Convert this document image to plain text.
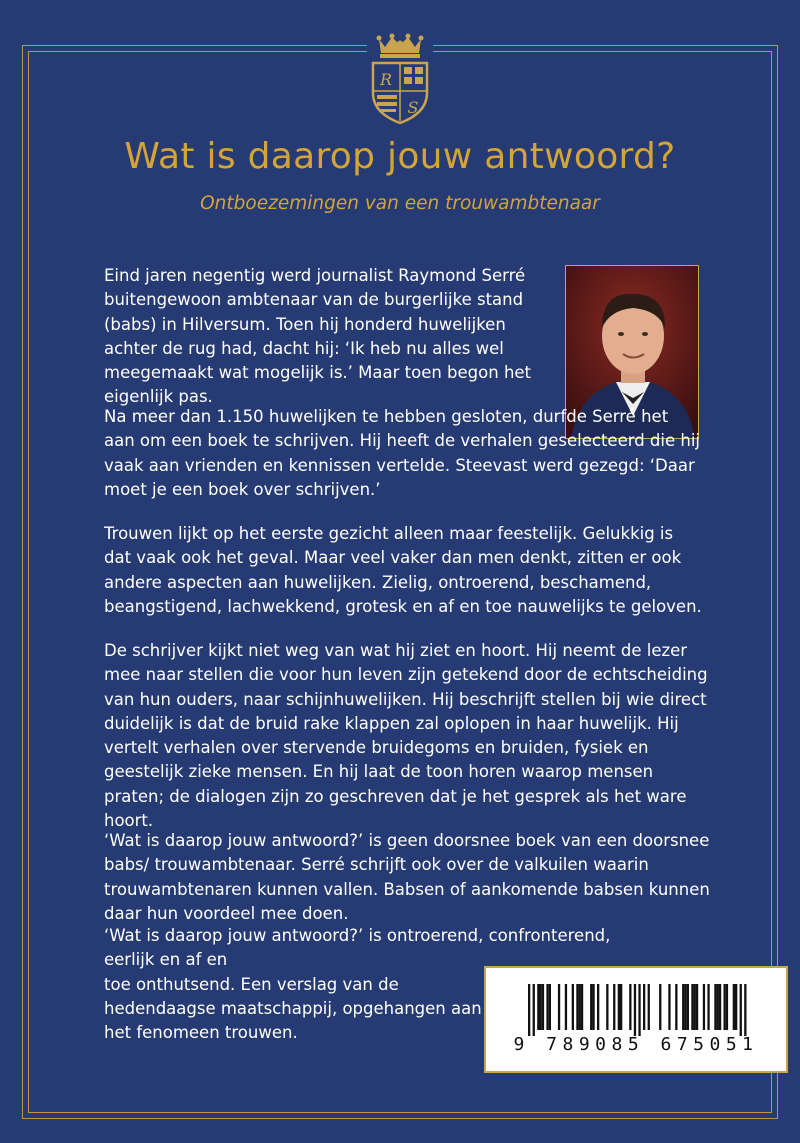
R
S
Wat is daarop jouw antwoord?
Ontboezemingen van een trouwambtenaar

Eind jaren negentig werd journalist Raymond Serré buitengewoon ambtenaar van de burgerlijke stand (babs) in Hilversum. Toen hij honderd huwelijken achter de rug had, dacht hij: ‘Ik heb nu alles wel meegemaakt wat mogelijk is.’ Maar toen begon het eigenlijk pas.

Na meer dan 1.150 huwelijken te hebben gesloten, durfde Serré het aan om een boek te schrijven. Hij heeft de verhalen geselecteerd die hij vaak aan vrienden en kennissen vertelde. Steevast werd gezegd: ‘Daar moet je een boek over schrijven.’

Trouwen lijkt op het eerste gezicht alleen maar feestelijk. Gelukkig is dat vaak ook het geval. Maar veel vaker dan men denkt, zitten er ook andere aspecten aan huwelijken. Zielig, ontroerend, beschamend, beangstigend, lachwekkend, grotesk en af en toe nauwelijks te geloven.

De schrijver kijkt niet weg van wat hij ziet en hoort. Hij neemt de lezer mee naar stellen die voor hun leven zijn getekend door de echtscheiding van hun ouders, naar schijnhuwelijken. Hij beschrijft stellen bij wie direct duidelijk is dat de bruid rake klappen zal oplopen in haar huwelijk. Hij vertelt verhalen over stervende bruidegoms en bruiden, fysiek en geestelijk zieke mensen. En hij laat de toon horen waarop mensen praten; de dialogen zijn zo geschreven dat je het gesprek als het ware hoort.

‘Wat is daarop jouw antwoord?’ is geen doorsnee boek van een doorsnee babs/ trouwambtenaar. Serré schrijft ook over de valkuilen waarin trouwambtenaren kunnen vallen. Babsen of aankomende babsen kunnen daar hun voordeel mee doen.

‘Wat is daarop jouw antwoord?’ is ontroerend, confronterend, eerlijk en af en
toe onthutsend. Een verslag van de hedendaagse maatschappij, opgehangen aan het fenomeen trouwen.

9 789085 675051
